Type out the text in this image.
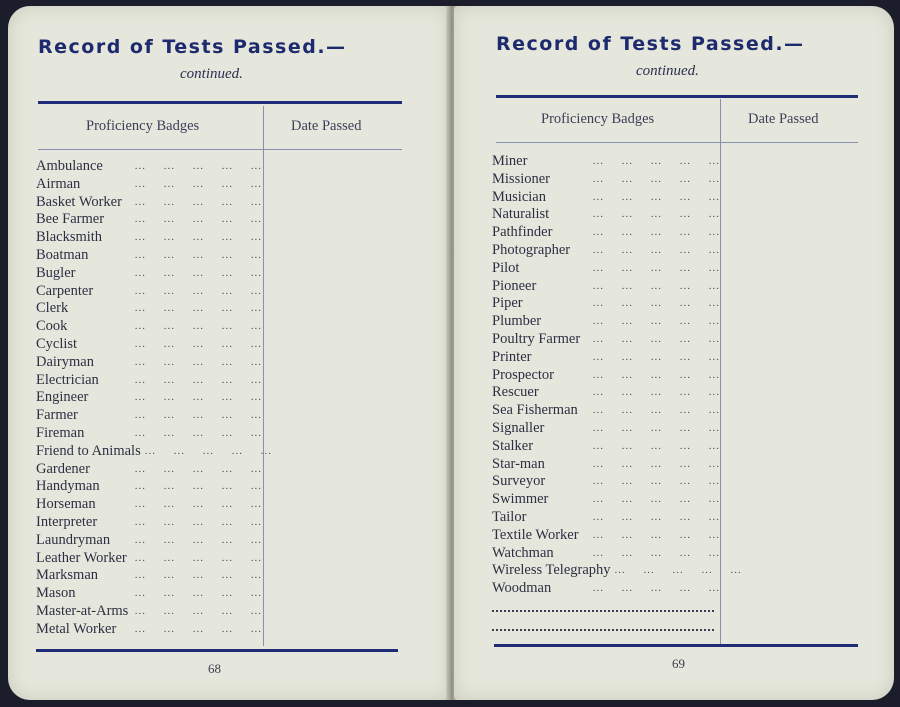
Record of Tests Passed.—
continued.
Proficiency Badges	Date Passed
Ambulance	... ... ... ... ...
Airman	... ... ... ... ...
Basket Worker	... ... ... ... ...
Bee Farmer	... ... ... ... ...
Blacksmith	... ... ... ... ...
Boatman	... ... ... ... ...
Bugler	... ... ... ... ...
Carpenter	... ... ... ... ...
Clerk	... ... ... ... ...
Cook	... ... ... ... ...
Cyclist	... ... ... ... ...
Dairyman	... ... ... ... ...
Electrician	... ... ... ... ...
Engineer	... ... ... ... ...
Farmer	... ... ... ... ...
Fireman	... ... ... ... ...
Friend to Animals ... ... ... ... ...
Gardener	... ... ... ... ...
Handyman	... ... ... ... ...
Horseman	... ... ... ... ...
Interpreter	... ... ... ... ...
Laundryman	... ... ... ... ...
Leather Worker ... ... ... ... ...
Marksman	... ... ... ... ...
Mason	... ... ... ... ...
Master-at-Arms ... ... ... ... ...
Metal Worker	... ... ... ... ...
68
Record of Tests Passed.—
continued.
Proficiency Badges	Date Passed
Miner	... ... ... ... ...
Missioner	... ... ... ... ...
Musician	... ... ... ... ...
Naturalist	... ... ... ... ...
Pathfinder	... ... ... ... ...
Photographer	... ... ... ... ...
Pilot	... ... ... ... ...
Pioneer	... ... ... ... ...
Piper	... ... ... ... ...
Plumber	... ... ... ... ...
Poultry Farmer	... ... ... ... ...
Printer	... ... ... ... ...
Prospector	... ... ... ... ...
Rescuer	... ... ... ... ...
Sea Fisherman	... ... ... ... ...
Signaller	... ... ... ... ...
Stalker	... ... ... ... ...
Star-man	... ... ... ... ...
Surveyor	... ... ... ... ...
Swimmer	... ... ... ... ...
Tailor	... ... ... ... ...
Textile Worker	... ... ... ... ...
Watchman	... ... ... ... ...
Wireless Telegraphy ... ... ... ... ...
Woodman	... ... ... ... ...
69
